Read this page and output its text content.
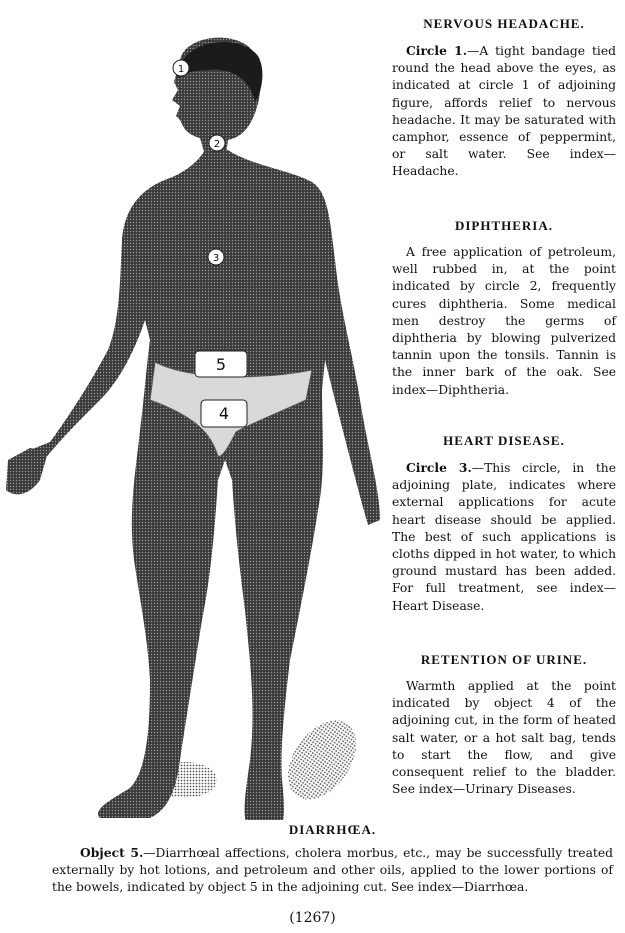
1
2
3
5
4

NERVOUS HEADACHE.

Circle 1.—A tight bandage tied round the head above the eyes, as indicated at circle 1 of adjoining figure, affords relief to nervous headache. It may be saturated with camphor, essence of peppermint, or salt water. See index—Headache.

DIPHTHERIA.

A free application of petroleum, well rubbed in, at the point indicated by circle 2, frequently cures diphtheria. Some medical men destroy the germs of diphtheria by blowing pulverized tannin upon the tonsils. Tannin is the inner bark of the oak. See index—Diphtheria.

HEART DISEASE.

Circle 3.—This circle, in the adjoining plate, indicates where external applications for acute heart disease should be applied. The best of such applications is cloths dipped in hot water, to which ground mustard has been added. For full treatment, see index—Heart Disease.

RETENTION OF URINE.

Warmth applied at the point indicated by object 4 of the adjoining cut, in the form of heated salt water, or a hot salt bag, tends to start the flow, and give consequent relief to the bladder. See index—Urinary Diseases.

DIARRHŒA.

Object 5.—Diarrhœal affections, cholera morbus, etc., may be successfully treated externally by hot lotions, and petroleum and other oils, applied to the lower portions of the bowels, indicated by object 5 in the adjoining cut. See index—Diarrhœa.

(1267)
